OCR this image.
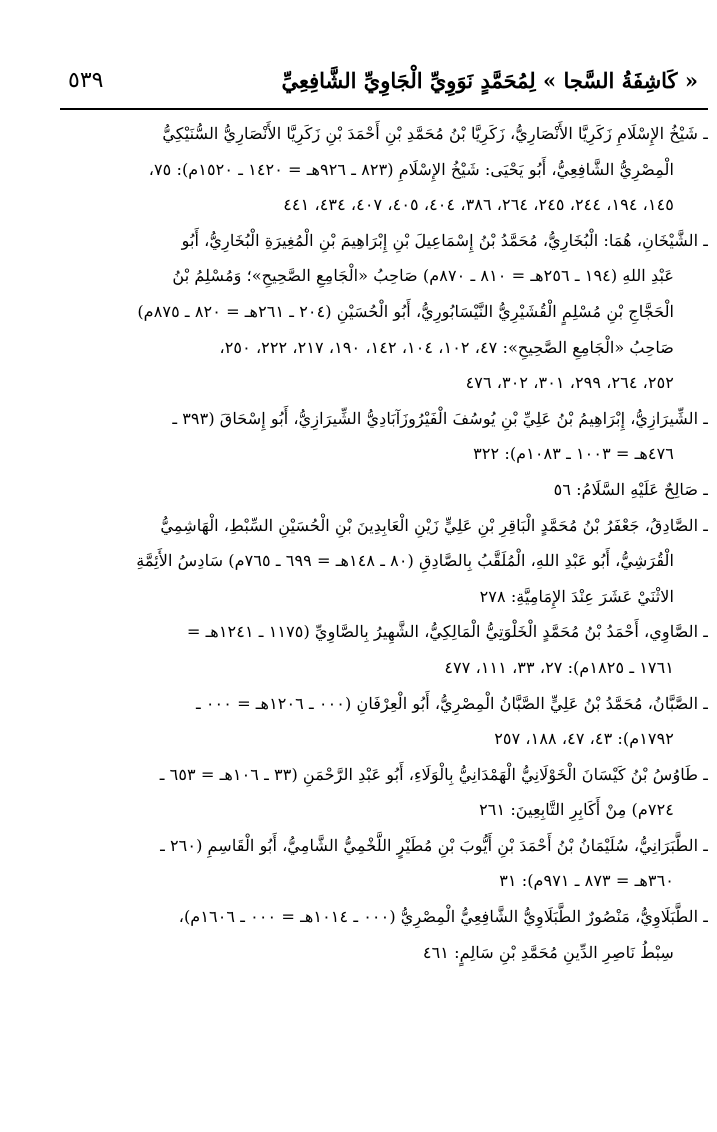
٥٣٩	« كَاشِفَةُ السَّجا » لِمُحَمَّدٍ نَوَوِيِّ الْجَاوِيِّ الشَّافِعِيِّ
ـ شَيْخُ الإِسْلَامِ زَكَرِيَّا الأَنْصَارِيُّ، زَكَرِيَّا بْنُ مُحَمَّدِ بْنِ أَحْمَدَ بْنِ زَكَرِيَّا الأَنْصَارِيُّ السُّنَيْكِيُّ
الْمِصْرِيُّ الشَّافِعِيُّ، أَبُو يَحْيَى: شَيْخُ الإِسْلَامِ (٨٢٣ ـ ٩٢٦هـ = ١٤٢٠ ـ ١٥٢٠م): ٧٥،
١٤٥، ١٩٤، ٢٤٤، ٢٤٥، ٢٦٤، ٣٨٦، ٤٠٤، ٤٠٥، ٤٠٧، ٤٣٤، ٤٤١
ـ الشَّيْخَانِ، هُمَا: الْبُخَارِيُّ، مُحَمَّدُ بْنُ إِسْمَاعِيلَ بْنِ إِبْرَاهِيمَ بْنِ الْمُغِيرَةِ الْبُخَارِيُّ، أَبُو
عَبْدِ اللهِ (١٩٤ ـ ٢٥٦هـ = ٨١٠ ـ ٨٧٠م) صَاحِبُ «الْجَامِعِ الصَّحِيحِ»؛ وَمُسْلِمُ بْنُ
الْحَجَّاجِ بْنِ مُسْلِمٍ الْقُشَيْرِيُّ النَّيْسَابُورِيُّ، أَبُو الْحُسَيْنِ (٢٠٤ ـ ٢٦١هـ = ٨٢٠ ـ ٨٧٥م)
صَاحِبُ «الْجَامِعِ الصَّحِيحِ»: ٤٧، ١٠٢، ١٠٤، ١٤٢، ١٩٠، ٢١٧، ٢٢٢، ٢٥٠،
٢٥٢، ٢٦٤، ٢٩٩، ٣٠١، ٣٠٢، ٤٧٦
ـ الشِّيرَازِيُّ، إِبْرَاهِيمُ بْنُ عَلِيِّ بْنِ يُوسُفَ الْفَيْرُوزَآبَادِيُّ الشِّيرَازِيُّ، أَبُو إِسْحَاقَ (٣٩٣ ـ
٤٧٦هـ = ١٠٠٣ ـ ١٠٨٣م): ٣٢٢
ـ صَالِحٌ عَلَيْهِ السَّلَامُ: ٥٦
ـ الصَّادِقُ، جَعْفَرُ بْنُ مُحَمَّدٍ الْبَاقِرِ بْنِ عَلِيٍّ زَيْنِ الْعَابِدِينَ بْنِ الْحُسَيْنِ السِّبْطِ، الْهَاشِمِيُّ
الْقُرَشِيُّ، أَبُو عَبْدِ اللهِ، الْمُلَقَّبُ بِالصَّادِقِ (٨٠ ـ ١٤٨هـ = ٦٩٩ ـ ٧٦٥م) سَادِسُ الأَئِمَّةِ
الاثْنَيْ عَشَرَ عِنْدَ الإِمَامِيَّةِ: ٢٧٨
ـ الصَّاوِي، أَحْمَدُ بْنُ مُحَمَّدٍ الْخَلْوَتِيُّ الْمَالِكِيُّ، الشَّهِيرُ بِالصَّاوِيِّ (١١٧٥ ـ ١٢٤١هـ =
١٧٦١ ـ ١٨٢٥م): ٢٧، ٣٣، ١١١، ٤٧٧
ـ الصَّبَّانُ، مُحَمَّدُ بْنُ عَلِيٍّ الصَّبَّانُ الْمِصْرِيُّ، أَبُو الْعِرْفَانِ (٠٠٠ ـ ١٢٠٦هـ = ٠٠٠ ـ
١٧٩٢م): ٤٣، ٤٧، ١٨٨، ٢٥٧
ـ طَاوُسُ بْنُ كَيْسَانَ الْخَوْلَانِيُّ الْهَمْدَانِيُّ بِالْوَلَاءِ، أَبُو عَبْدِ الرَّحْمَنِ (٣٣ ـ ١٠٦هـ = ٦٥٣ ـ
٧٢٤م) مِنْ أَكَابِرِ التَّابِعِينَ: ٢٦١
ـ الطَّبَرَانِيُّ، سُلَيْمَانُ بْنُ أَحْمَدَ بْنِ أَيُّوبَ بْنِ مُطَيْرٍ اللَّخْمِيُّ الشَّامِيُّ، أَبُو الْقَاسِمِ (٢٦٠ ـ
٣٦٠هـ = ٨٧٣ ـ ٩٧١م): ٣١
ـ الطَّبَلَاوِيُّ، مَنْصُورٌ الطَّبَلَاوِيُّ الشَّافِعِيُّ الْمِصْرِيُّ (٠٠٠ ـ ١٠١٤هـ = ٠٠٠ ـ ١٦٠٦م)،
سِبْطُ نَاصِرِ الدِّينِ مُحَمَّدِ بْنِ سَالِمٍ: ٤٦١
